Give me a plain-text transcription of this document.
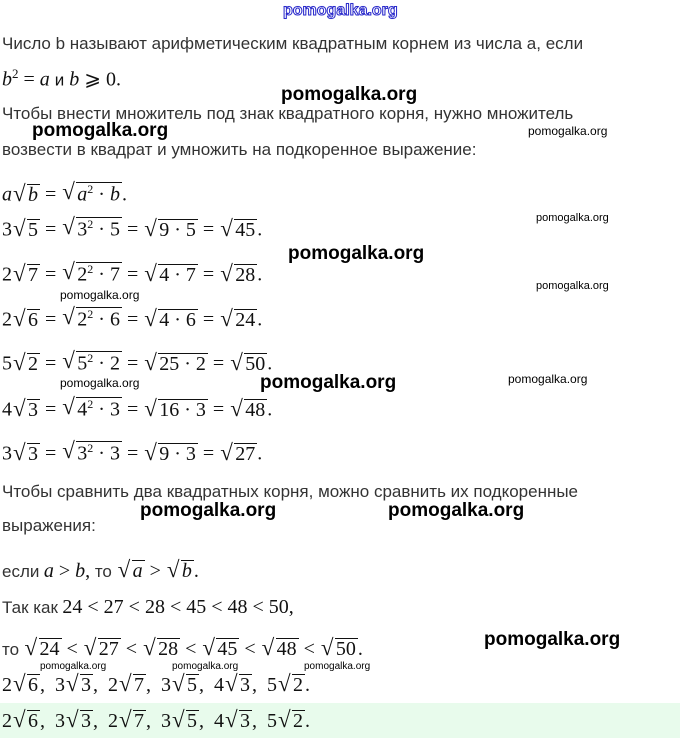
pomogalka.org
Число b называют арифметическим квадратным корнем из числа a, если
$b^2 = a$ и b ⩾ 0.
Чтобы внести множитель под знак квадратного корня, нужно множитель
возвести в квадрат и умножить на подкоренное выражение:
a √ b = √ $a^2 \cdot b$ .
3 √ 5 = √ $3^2 \cdot 5$ = √ 9 · 5 = √ 45 .
2 √ 7 = √ $2^2 \cdot 7$ = √ 4 · 7 = √ 28 .
2 √ 6 = √ $2^2 \cdot 6$ = √ 4 · 6 = √ 24 .
5 √ 2 = √ $5^2 \cdot 2$ = √ 25 · 2 = √ 50 .
4 √ 3 = √ $4^2 \cdot 3$ = √ 16 · 3 = √ 48 .
3 √ 3 = √ $3^2 \cdot 3$ = √ 9 · 3 = √ 27 .
Чтобы сравнить два квадратных корня, можно сравнить их подкоренные
выражения:
если a > b, то √ a > √ b .
Так как 24 < 27 < 28 < 45 < 48 < 50,
то √ 24 < √ 27 < √ 28 < √ 45 < √ 48 < √ 50 .
2 √ 6 ,  3 √ 3 ,  2 √ 7 ,  3 √ 5 ,  4 √ 3 ,  5 √ 2 .
2 √ 6 ,  3 √ 3 ,  2 √ 7 ,  3 √ 5 ,  4 √ 3 ,  5 √ 2 .
pomogalka.org
pomogalka.org	pomogalka.org
pomogalka.org
pomogalka.org
pomogalka.org
pomogalka.org
pomogalka.org	pomogalka.org	pomogalka.org
pomogalka.org	pomogalka.org
pomogalka.org
pomogalka.org	pomogalka.org	pomogalka.org
